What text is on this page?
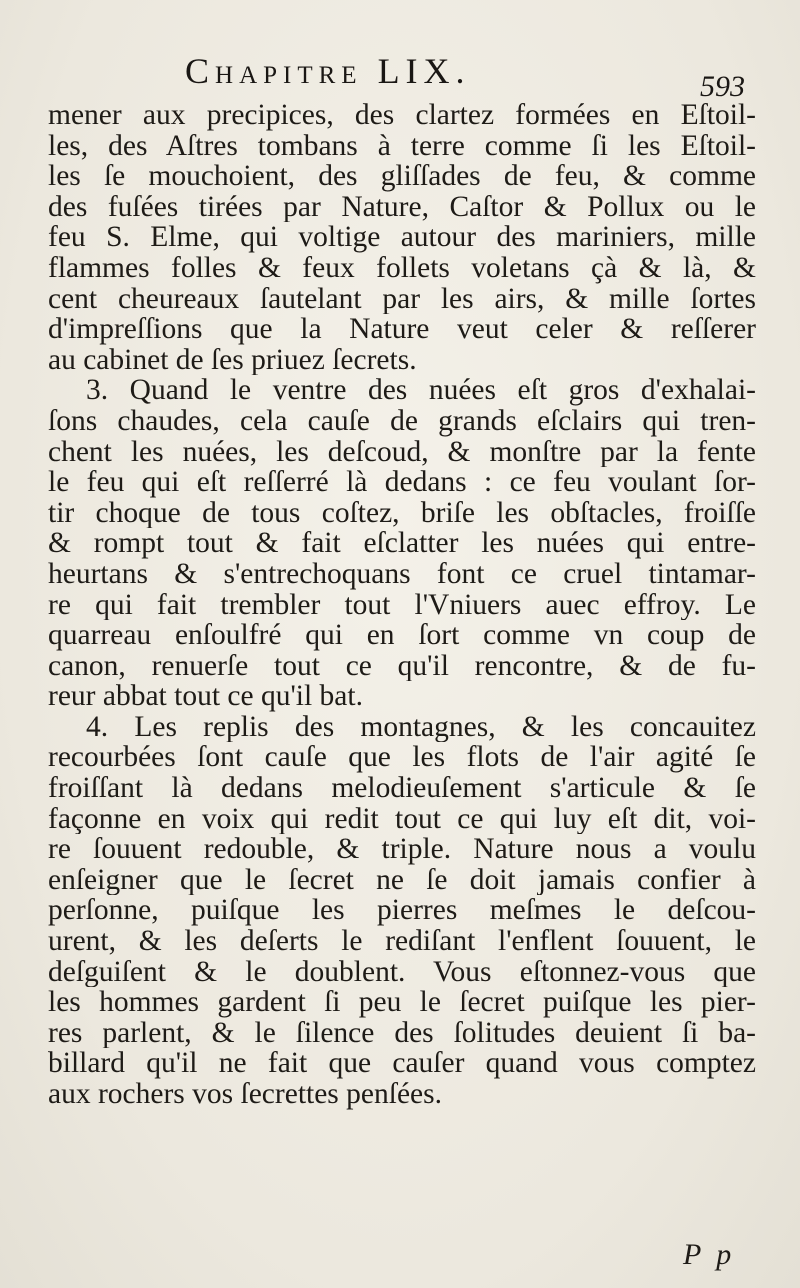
Chapitre LIX.	593
mener aux precipices, des clartez formées en Eſtoil-
les, des Aſtres tombans à terre comme ſi les Eſtoil-
les ſe mouchoient, des gliſſades de feu, & comme
des fuſées tirées par Nature, Caſtor & Pollux ou le
feu S. Elme, qui voltige autour des mariniers, mille
flammes folles & feux follets voletans çà & là, &
cent cheureaux ſautelant par les airs, & mille ſortes
d'impreſſions que la Nature veut celer & reſſerer
au cabinet de ſes priuez ſecrets.
3. Quand le ventre des nuées eſt gros d'exhalai-
ſons chaudes, cela cauſe de grands eſclairs qui tren-
chent les nuées, les deſcoud, & monſtre par la fente
le feu qui eſt reſſerré là dedans : ce feu voulant ſor-
tir choque de tous coſtez, briſe les obſtacles, froiſſe
& rompt tout & fait eſclatter les nuées qui entre-
heurtans & s'entrechoquans font ce cruel tintamar-
re qui fait trembler tout l'Vniuers auec effroy. Le
quarreau enſoulfré qui en ſort comme vn coup de
canon, renuerſe tout ce qu'il rencontre, & de fu-
reur abbat tout ce qu'il bat.
4. Les replis des montagnes, & les concauitez
recourbées ſont cauſe que les flots de l'air agité ſe
froiſſant là dedans melodieuſement s'articule & ſe
façonne en voix qui redit tout ce qui luy eſt dit, voi-
re ſouuent redouble, & triple. Nature nous a voulu
enſeigner que le ſecret ne ſe doit jamais confier à
perſonne, puiſque les pierres meſmes le deſcou-
urent, & les deſerts le rediſant l'enflent ſouuent, le
deſguiſent & le doublent. Vous eſtonnez-vous que
les hommes gardent ſi peu le ſecret puiſque les pier-
res parlent, & le ſilence des ſolitudes deuient ſi ba-
billard qu'il ne fait que cauſer quand vous comptez
aux rochers vos ſecrettes penſées.
P p
